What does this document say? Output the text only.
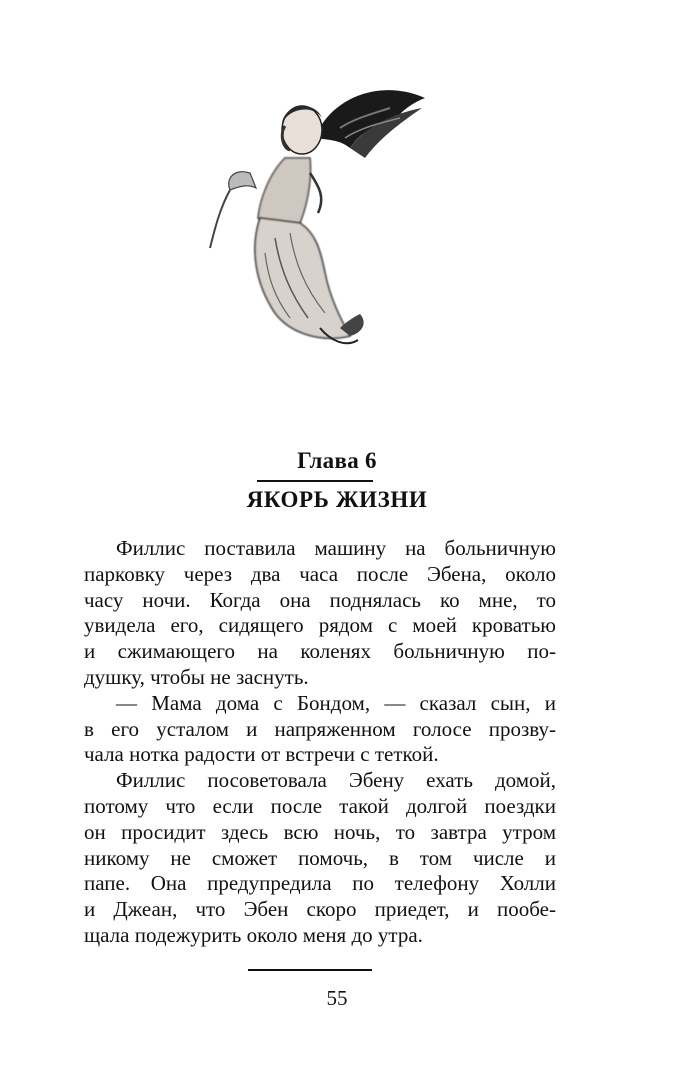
Глава 6
ЯКОРЬ ЖИЗНИ
Филлис поставила машину на больничную
парковку через два часа после Эбена, около
часу ночи. Когда она поднялась ко мне, то
увидела его, сидящего рядом с моей кроватью
и сжимающего на коленях больничную по-
душку, чтобы не заснуть.
— Мама дома с Бондом, — сказал сын, и
в его усталом и напряженном голосе прозву-
чала нотка радости от встречи с теткой.
Филлис посоветовала Эбену ехать домой,
потому что если после такой долгой поездки
он просидит здесь всю ночь, то завтра утром
никому не сможет помочь, в том числе и
папе. Она предупредила по телефону Холли
и Джеан, что Эбен скоро приедет, и пообе-
щала подежурить около меня до утра.
55
